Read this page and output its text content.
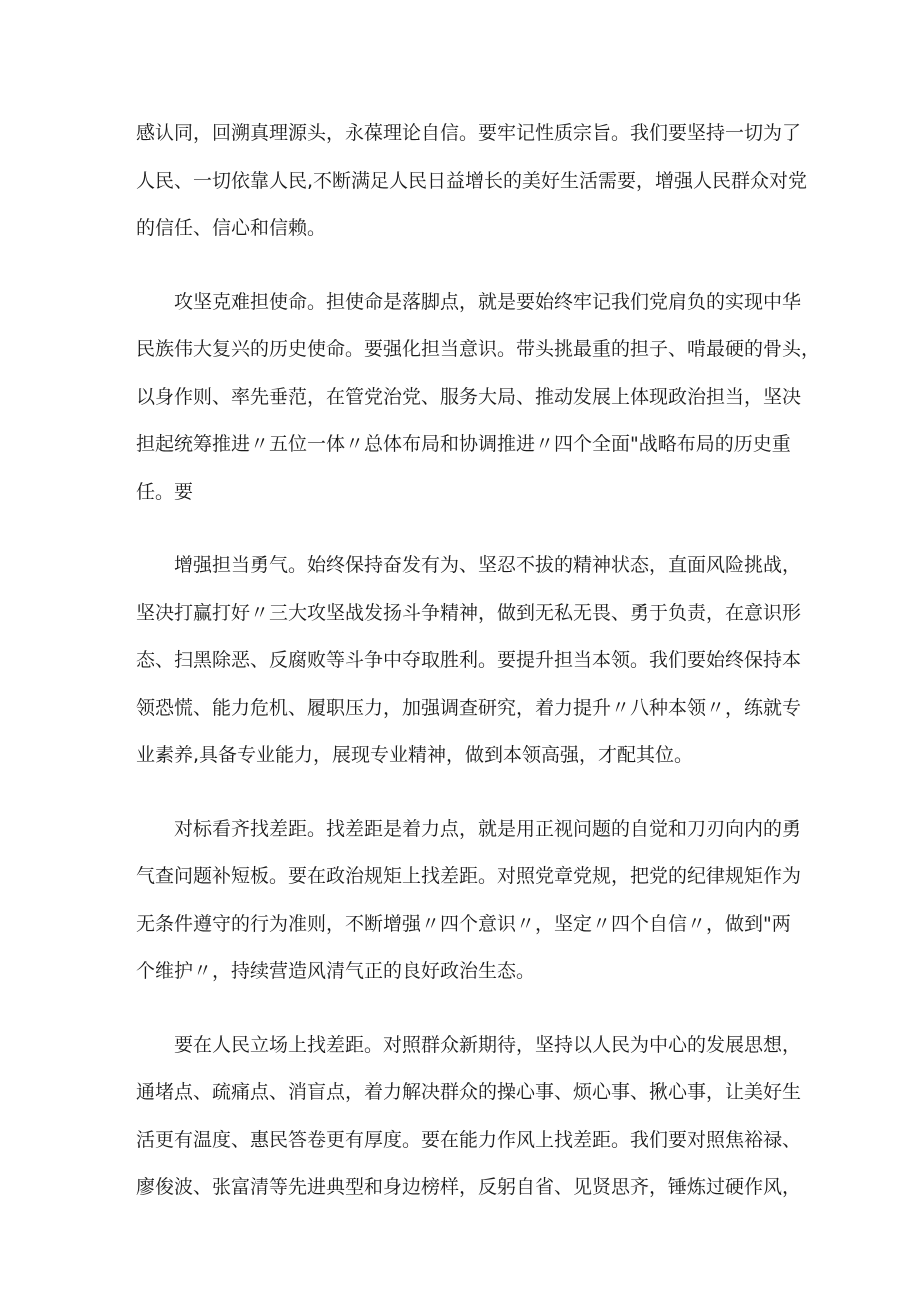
感认同，回溯真理源头，永葆理论自信。要牢记性质宗旨。我们要坚持一切为了
人民、一切依靠人民,不断满足人民日益增长的美好生活需要，增强人民群众对党
的信任、信心和信赖。
攻坚克难担使命。担使命是落脚点，就是要始终牢记我们党肩负的实现中华
民族伟大复兴的历史使命。要强化担当意识。带头挑最重的担子、啃最硬的骨头，
以身作则、率先垂范，在管党治党、服务大局、推动发展上体现政治担当，坚决
担起统筹推进〃五位一体〃总体布局和协调推进〃四个全面"战略布局的历史重
任。要
增强担当勇气。始终保持奋发有为、坚忍不拔的精神状态，直面风险挑战，
坚决打赢打好〃三大攻坚战发扬斗争精神，做到无私无畏、勇于负责，在意识形
态、扫黑除恶、反腐败等斗争中夺取胜利。要提升担当本领。我们要始终保持本
领恐慌、能力危机、履职压力，加强调查研究，着力提升〃八种本领〃，练就专
业素养,具备专业能力，展现专业精神，做到本领高强，才配其位。
对标看齐找差距。找差距是着力点，就是用正视问题的自觉和刀刃向内的勇
气查问题补短板。要在政治规矩上找差距。对照党章党规，把党的纪律规矩作为
无条件遵守的行为准则，不断增强〃四个意识〃，坚定〃四个自信〃，做到"两
个维护〃，持续营造风清气正的良好政治生态。
要在人民立场上找差距。对照群众新期待，坚持以人民为中心的发展思想，
通堵点、疏痛点、消盲点，着力解决群众的操心事、烦心事、揪心事，让美好生
活更有温度、惠民答卷更有厚度。要在能力作风上找差距。我们要对照焦裕禄、
廖俊波、张富清等先进典型和身边榜样，反躬自省、见贤思齐，锤炼过硬作风，
